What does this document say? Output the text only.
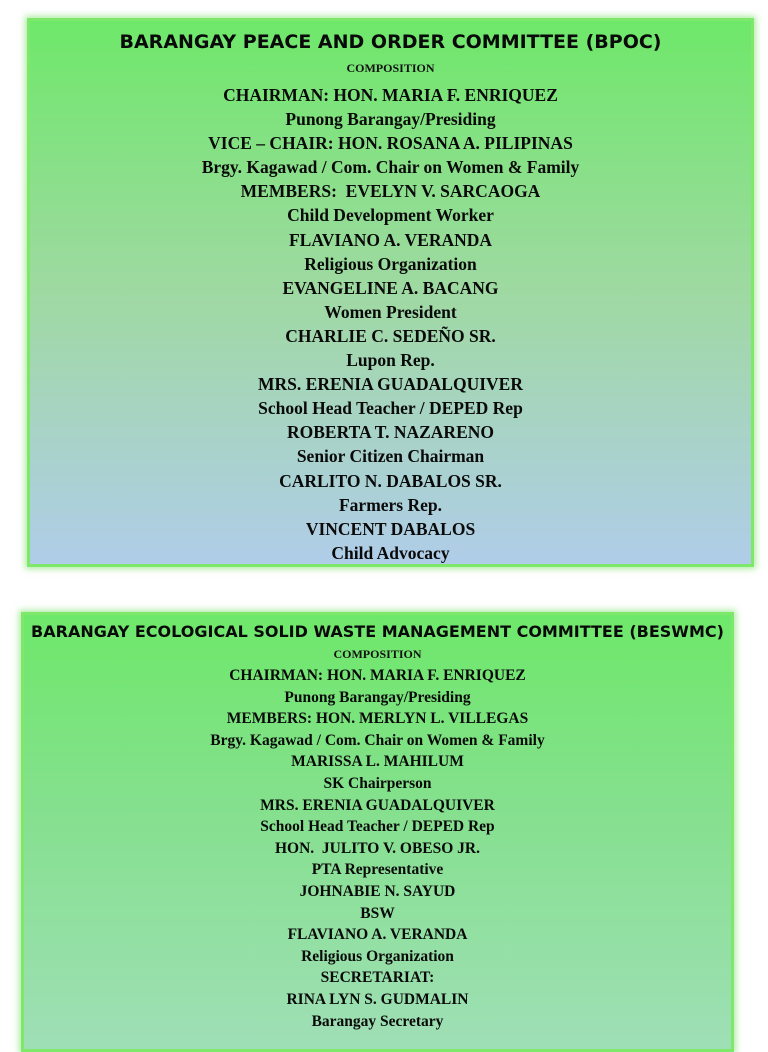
BARANGAY PEACE AND ORDER COMMITTEE (BPOC)
COMPOSITION
CHAIRMAN: HON. MARIA F. ENRIQUEZ
Punong Barangay/Presiding
VICE – CHAIR: HON. ROSANA A. PILIPINAS
Brgy. Kagawad / Com. Chair on Women & Family
MEMBERS:  EVELYN V. SARCAOGA
Child Development Worker
FLAVIANO A. VERANDA
Religious Organization
EVANGELINE A. BACANG
Women President
CHARLIE C. SEDEÑO SR.
Lupon Rep.
MRS. ERENIA GUADALQUIVER
School Head Teacher / DEPED Rep
ROBERTA T. NAZARENO
Senior Citizen Chairman
CARLITO N. DABALOS SR.
Farmers Rep.
VINCENT DABALOS
Child Advocacy
BARANGAY ECOLOGICAL SOLID WASTE MANAGEMENT COMMITTEE (BESWMC)
COMPOSITION
CHAIRMAN: HON. MARIA F. ENRIQUEZ
Punong Barangay/Presiding
MEMBERS: HON. MERLYN L. VILLEGAS
Brgy. Kagawad / Com. Chair on Women & Family
MARISSA L. MAHILUM
SK Chairperson
MRS. ERENIA GUADALQUIVER
School Head Teacher / DEPED Rep
HON.  JULITO V. OBESO JR.
PTA Representative
JOHNABIE N. SAYUD
BSW
FLAVIANO A. VERANDA
Religious Organization
SECRETARIAT:
RINA LYN S. GUDMALIN
Barangay Secretary
